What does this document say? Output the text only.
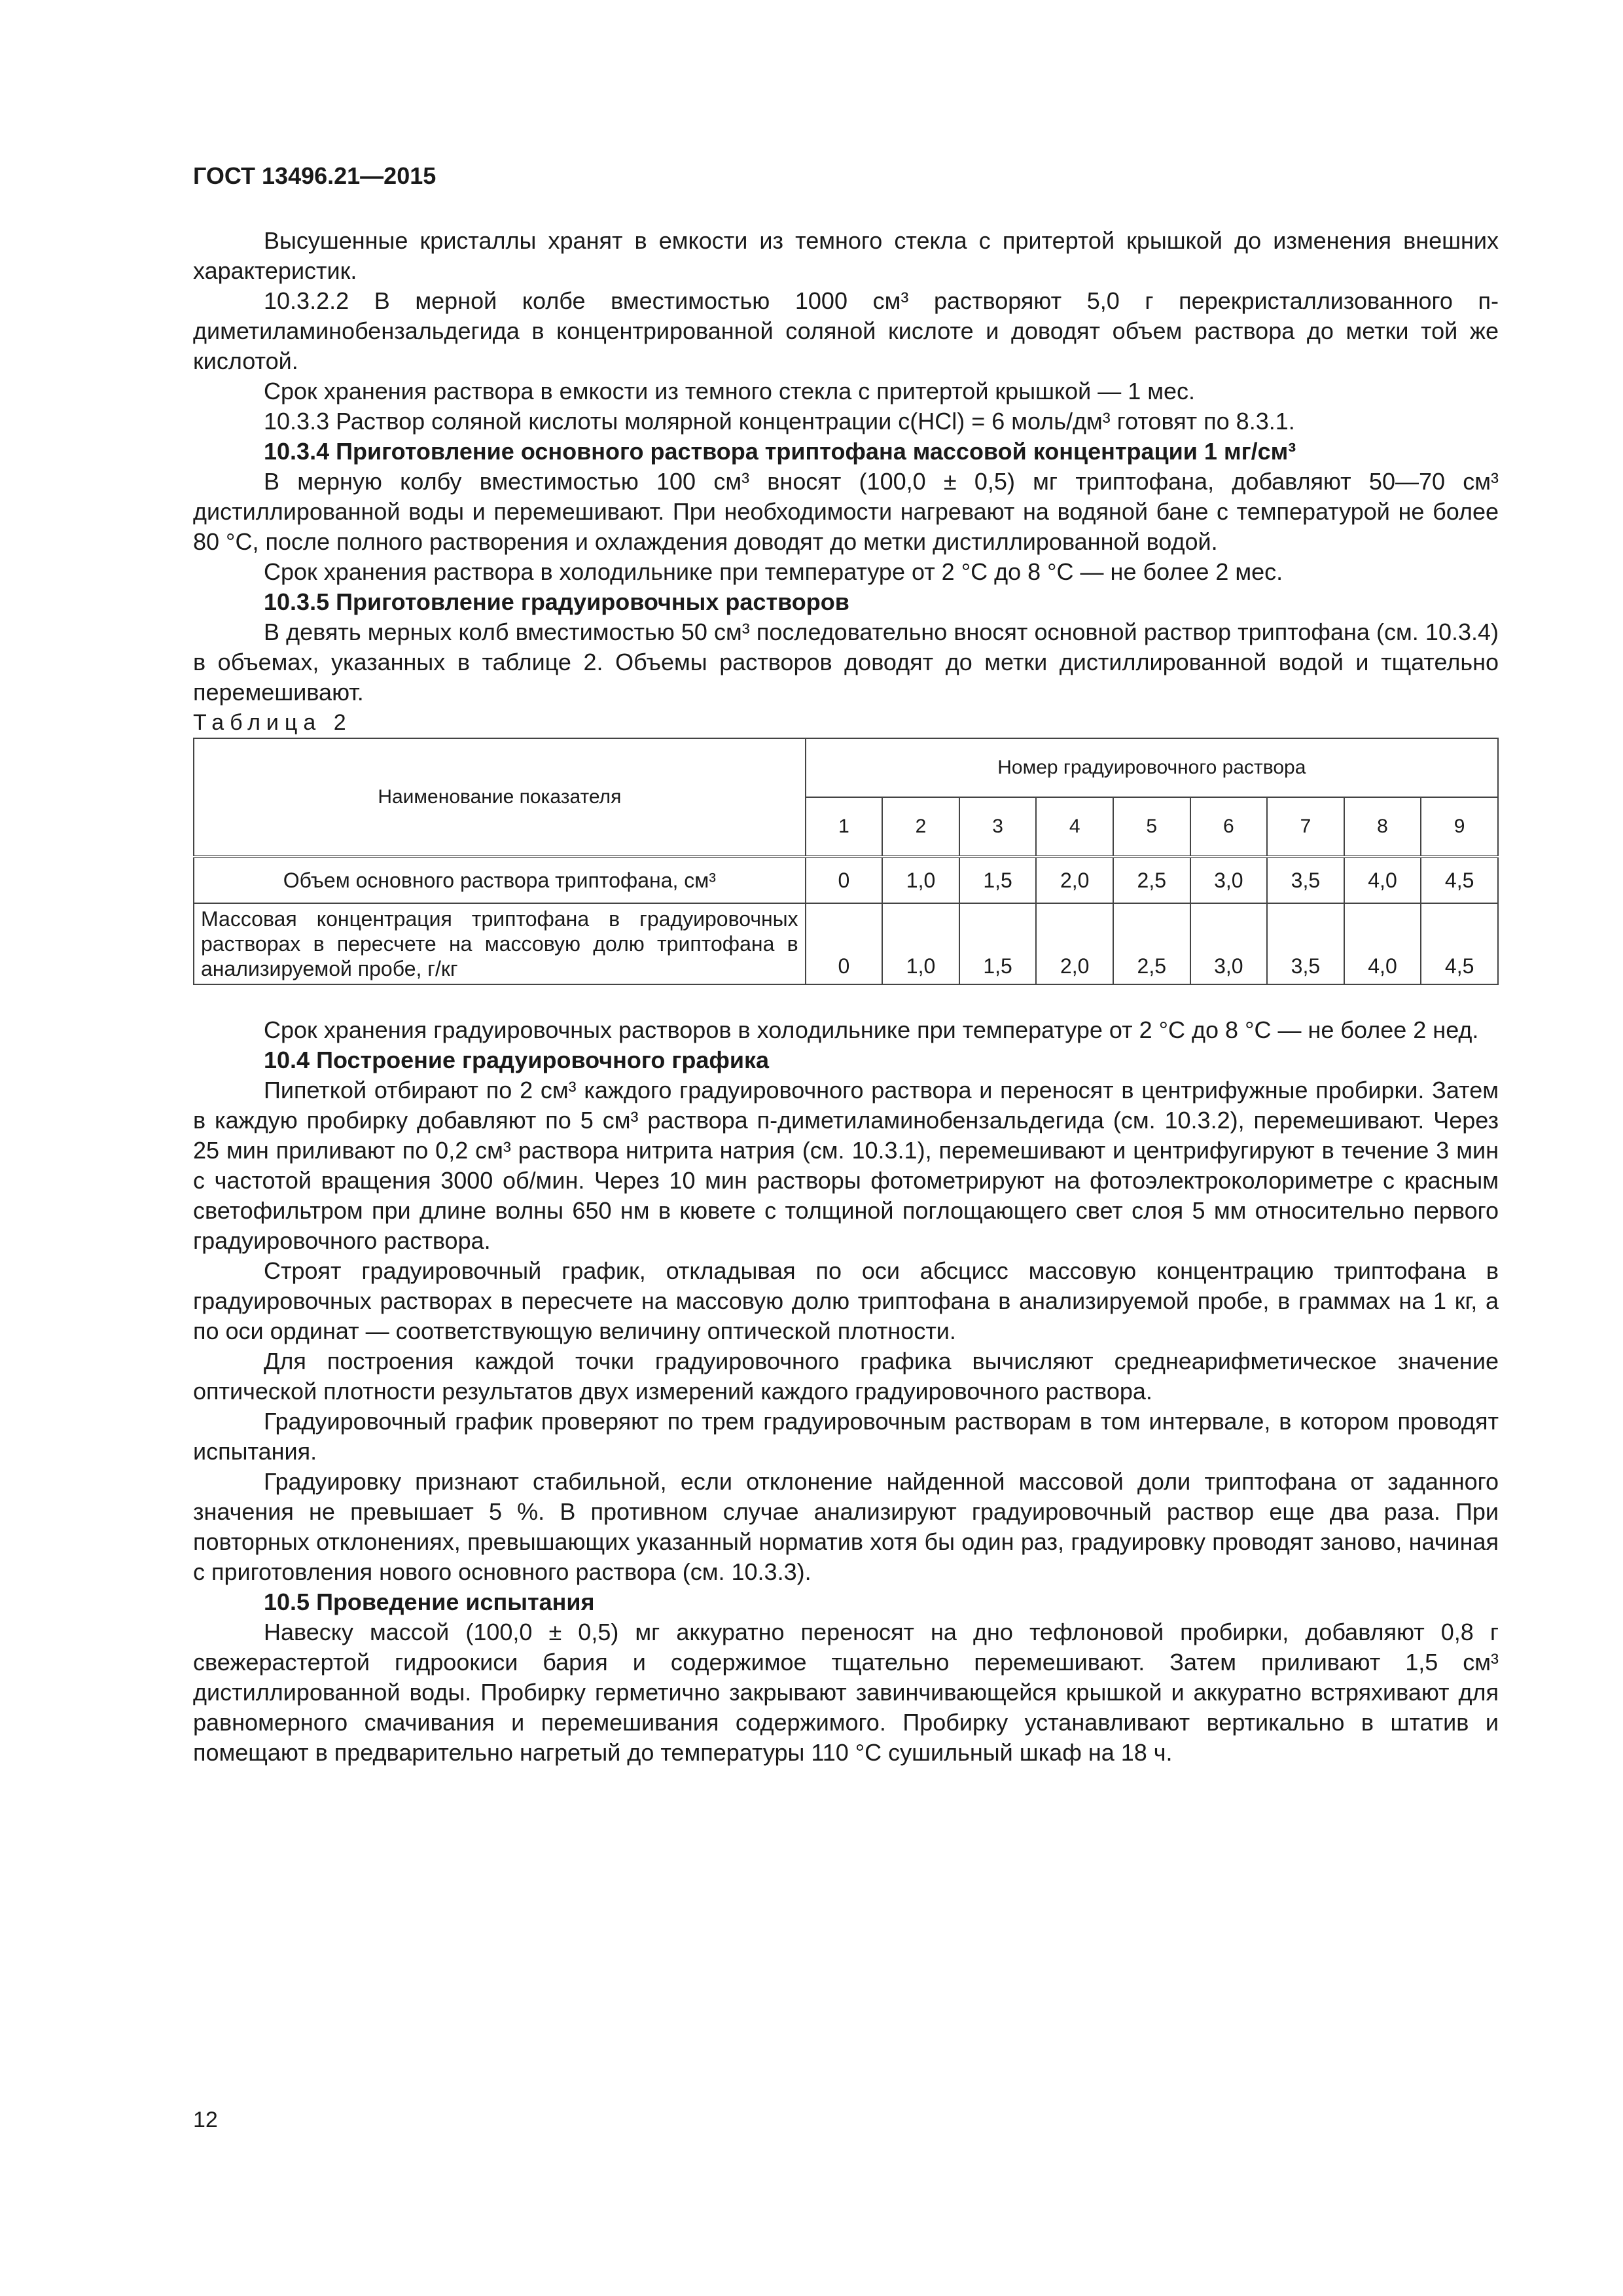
ГОСТ 13496.21—2015

Высушенные кристаллы хранят в емкости из темного стекла с притертой крышкой до изменения внешних характеристик.

10.3.2.2 В мерной колбе вместимостью 1000 см³ растворяют 5,0 г перекристаллизованного п-диметиламинобензальдегида в концентрированной соляной кислоте и доводят объем раствора до метки той же кислотой.

Срок хранения раствора в емкости из темного стекла с притертой крышкой — 1 мес.

10.3.3 Раствор соляной кислоты молярной концентрации c(HCl) = 6 моль/дм³ готовят по 8.3.1.

10.3.4 Приготовление основного раствора триптофана массовой концентрации 1 мг/см³

В мерную колбу вместимостью 100 см³ вносят (100,0 ± 0,5) мг триптофана, добавляют 50—70 см³ дистиллированной воды и перемешивают. При необходимости нагревают на водяной бане с температурой не более 80 °С, после полного растворения и охлаждения доводят до метки дистиллированной водой.

Срок хранения раствора в холодильнике при температуре от 2 °С до 8 °С — не более 2 мес.

10.3.5 Приготовление градуировочных растворов

В девять мерных колб вместимостью 50 см³ последовательно вносят основной раствор триптофана (см. 10.3.4) в объемах, указанных в таблице 2. Объемы растворов доводят до метки дистиллированной водой и тщательно перемешивают.

Таблица 2

Наименование показателя	Номер градуировочного раствора								
	1	2	3	4	5	6	7	8	9
Объем основного раствора триптофана, см³	0	1,0	1,5	2,0	2,5	3,0	3,5	4,0	4,5
Массовая концентрация триптофана в градуировочных растворах в пересчете на массовую долю триптофана в анализируемой пробе, г/кг	0	1,0	1,5	2,0	2,5	3,0	3,5	4,0	4,5

Срок хранения градуировочных растворов в холодильнике при температуре от 2 °С до 8 °С — не более 2 нед.

10.4 Построение градуировочного графика

Пипеткой отбирают по 2 см³ каждого градуировочного раствора и переносят в центрифужные пробирки. Затем в каждую пробирку добавляют по 5 см³ раствора п-диметиламинобензальдегида (см. 10.3.2), перемешивают. Через 25 мин приливают по 0,2 см³ раствора нитрита натрия (см. 10.3.1), перемешивают и центрифугируют в течение 3 мин с частотой вращения 3000 об/мин. Через 10 мин растворы фотометрируют на фотоэлектроколориметре с красным светофильтром при длине волны 650 нм в кювете с толщиной поглощающего свет слоя 5 мм относительно первого градуировочного раствора.

Строят градуировочный график, откладывая по оси абсцисс массовую концентрацию триптофана в градуировочных растворах в пересчете на массовую долю триптофана в анализируемой пробе, в граммах на 1 кг, а по оси ординат — соответствующую величину оптической плотности.

Для построения каждой точки градуировочного графика вычисляют среднеарифметическое значение оптической плотности результатов двух измерений каждого градуировочного раствора.

Градуировочный график проверяют по трем градуировочным растворам в том интервале, в котором проводят испытания.

Градуировку признают стабильной, если отклонение найденной массовой доли триптофана от заданного значения не превышает 5 %. В противном случае анализируют градуировочный раствор еще два раза. При повторных отклонениях, превышающих указанный норматив хотя бы один раз, градуировку проводят заново, начиная с приготовления нового основного раствора (см. 10.3.3).

10.5 Проведение испытания

Навеску массой (100,0 ± 0,5) мг аккуратно переносят на дно тефлоновой пробирки, добавляют 0,8 г свежерастертой гидроокиси бария и содержимое тщательно перемешивают. Затем приливают 1,5 см³ дистиллированной воды. Пробирку герметично закрывают завинчивающейся крышкой и аккуратно встряхивают для равномерного смачивания и перемешивания содержимого. Пробирку устанавливают вертикально в штатив и помещают в предварительно нагретый до температуры 110 °С сушильный шкаф на 18 ч.

12
